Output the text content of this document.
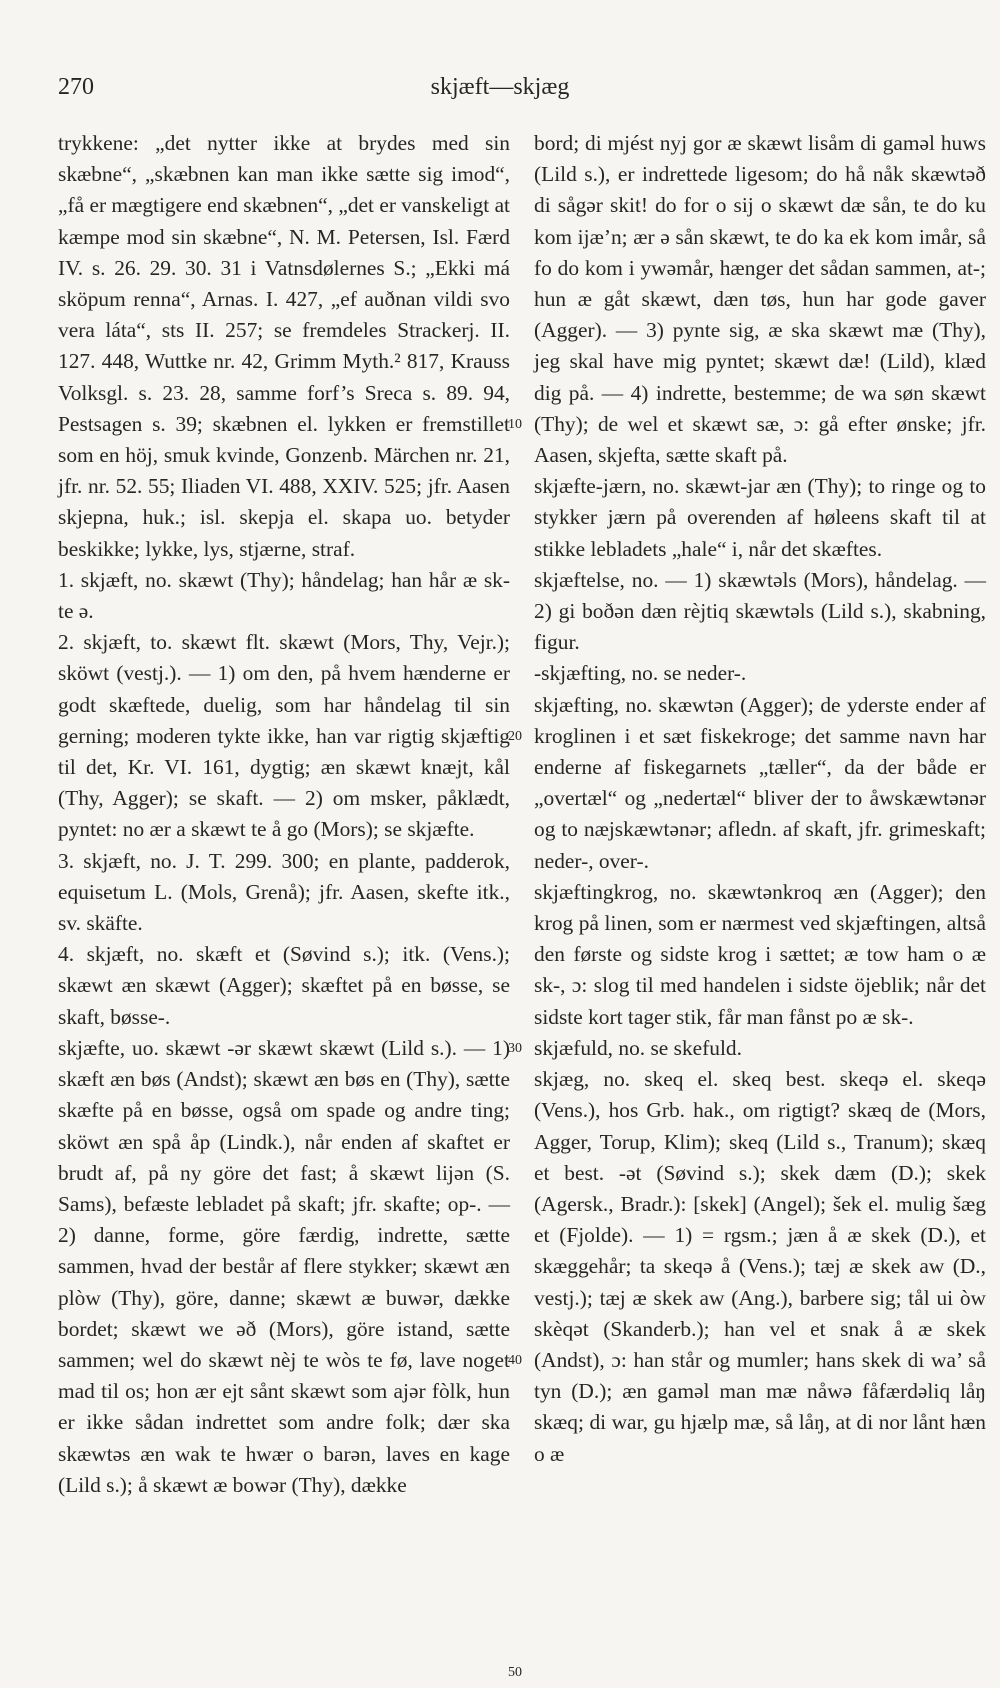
270	skjæft—skjæg

trykkene: „det nytter ikke at brydes med sin skæbne“, „skæbnen kan man ikke sætte sig imod“, „få er mægtigere end skæbnen“, „det er vanskeligt at kæmpe mod sin skæbne“, N. M. Petersen, Isl. Færd IV. s. 26. 29. 30. 31 i Vatnsdølernes S.; „Ekki má sköpum renna“, Arnas. I. 427, „ef auðnan vildi svo vera láta“, sts II. 257; se fremdeles Strackerj. II. 127. 448, Wuttke nr. 42, Grimm Myth.² 817, Krauss Volksgl. s. 23. 28, samme forf’s Sreca s. 89. 94, Pestsagen s. 39; skæbnen el. lykken er fremstillet som en höj, smuk kvinde, Gonzenb. Märchen nr. 21, jfr. nr. 52. 55; Iliaden VI. 488, XXIV. 525; jfr. Aasen skjepna, huk.; isl. skepja el. skapa uo. betyder beskikke; lykke, lys, stjærne, straf.

1. skjæft, no. skæwt (Thy); håndelag; han hår æ sk- te ə.

2. skjæft, to. skæwt flt. skæwt (Mors, Thy, Vejr.); sköwt (vestj.). — 1) om den, på hvem hænderne er godt skæftede, duelig, som har håndelag til sin gerning; moderen tykte ikke, han var rigtig skjæftig til det, Kr. VI. 161, dygtig; æn skæwt knæjt, kål (Thy, Agger); se skaft. — 2) om msker, påklædt, pyntet: no ær a skæwt te å go (Mors); se skjæfte.

3. skjæft, no. J. T. 299. 300; en plante, padderok, equisetum L. (Mols, Grenå); jfr. Aasen, skefte itk., sv. skäfte.

4. skjæft, no. skæft et (Søvind s.); itk. (Vens.); skæwt æn skæwt (Agger); skæftet på en bøsse, se skaft, bøsse-.

skjæfte, uo. skæwt -ər skæwt skæwt (Lild s.). — 1) skæft æn bøs (Andst); skæwt æn bøs en (Thy), sætte skæfte på en bøsse, også om spade og andre ting; sköwt æn spå åp (Lindk.), når enden af skaftet er brudt af, på ny göre det fast; å skæwt lijən (S. Sams), befæste lebladet på skaft; jfr. skafte; op-. — 2) danne, forme, göre færdig, indrette, sætte sammen, hvad der består af flere stykker; skæwt æn plòw (Thy), göre, danne; skæwt æ buwər, dække bordet; skæwt we əð (Mors), göre istand, sætte sammen; wel do skæwt nèj te wòs te fø, lave noget mad til os; hon ær ejt sånt skæwt som ajər fòlk, hun er ikke sådan indrettet som andre folk; dær ska skæwtəs æn wak te hwær o barən, laves en kage (Lild s.); å skæwt æ bowər (Thy), dække

10
20
30
40
50

bord; di mjést nyj gor æ skæwt lisåm di gaməl huws (Lild s.), er indrettede ligesom; do hå nåk skæwtəð di sågər skit! do for o sij o skæwt dæ sån, te do ku kom ijæ’n; ær ə sån skæwt, te do ka ek kom imår, så fo do kom i ywəmår, hænger det sådan sammen, at-; hun æ gåt skæwt, dæn tøs, hun har gode gaver (Agger). — 3) pynte sig, æ ska skæwt mæ (Thy), jeg skal have mig pyntet; skæwt dæ! (Lild), klæd dig på. — 4) indrette, bestemme; de wa søn skæwt (Thy); de wel et skæwt sæ, ɔ: gå efter ønske; jfr. Aasen, skjefta, sætte skaft på.

skjæfte-jærn, no. skæwt-jar æn (Thy); to ringe og to stykker jærn på overenden af høleens skaft til at stikke lebladets „hale“ i, når det skæftes.

skjæftelse, no. — 1) skæwtəls (Mors), håndelag. — 2) gi boðən dæn rèjtiq skæwtəls (Lild s.), skabning, figur.

-skjæfting, no. se neder-.

skjæfting, no. skæwtən (Agger); de yderste ender af kroglinen i et sæt fiskekroge; det samme navn har enderne af fiskegarnets „tæller“, da der både er „overtæl“ og „nedertæl“ bliver der to åwskæwtənər og to næjskæwtənər; afledn. af skaft, jfr. grimeskaft; neder-, over-.

skjæftingkrog, no. skæwtənkroq æn (Agger); den krog på linen, som er nærmest ved skjæftingen, altså den første og sidste krog i sættet; æ tow ham o æ sk-, ɔ: slog til med handelen i sidste öjeblik; når det sidste kort tager stik, får man fånst po æ sk-.

skjæfuld, no. se skefuld.

skjæg, no. skeq el. skeq best. skeqə el. skeqə (Vens.), hos Grb. hak., om rigtigt? skæq de (Mors, Agger, Torup, Klim); skeq (Lild s., Tranum); skæq et best. -ət (Søvind s.); skek dæm (D.); skek (Agersk., Bradr.): [skek] (Angel); šek el. mulig šæg et (Fjolde). — 1) = rgsm.; jæn å æ skek (D.), et skæggehår; ta skeqə å (Vens.); tæj æ skek aw (D., vestj.); tæj æ skek aw (Ang.), barbere sig; tål ui òw skèqət (Skanderb.); han vel et snak å æ skek (Andst), ɔ: han står og mumler; hans skek di wa’ så tyn (D.); æn gaməl man mæ nåwə fåfærdəliq låŋ skæq; di war, gu hjælp mæ, så låŋ, at di nor lånt hæn o æ
